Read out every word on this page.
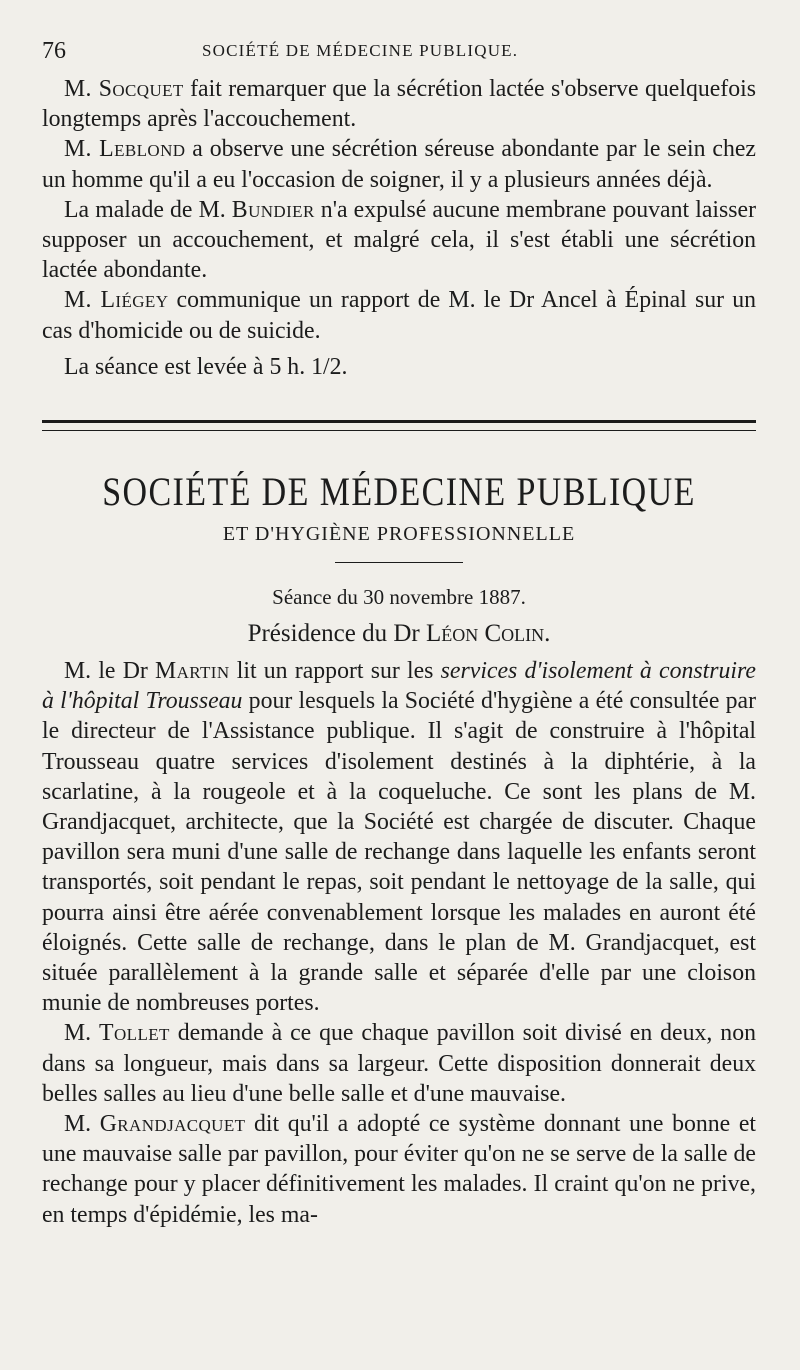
76	SOCIÉTÉ DE MÉDECINE PUBLIQUE.

M. Socquet fait remarquer que la sécrétion lactée s'observe quelquefois longtemps après l'accouchement.

M. Leblond a observe une sécrétion séreuse abondante par le sein chez un homme qu'il a eu l'occasion de soigner, il y a plusieurs années déjà.

La malade de M. Bundier n'a expulsé aucune membrane pouvant laisser supposer un accouchement, et malgré cela, il s'est établi une sécrétion lactée abondante.

M. Liégey communique un rapport de M. le Dr Ancel à Épinal sur un cas d'homicide ou de suicide.

La séance est levée à 5 h. 1/2.

SOCIÉTÉ DE MÉDECINE PUBLIQUE
ET D'HYGIÈNE PROFESSIONNELLE
Séance du 30 novembre 1887.
Présidence du Dr Léon Colin.

M. le Dr Martin lit un rapport sur les services d'isolement à construire à l'hôpital Trousseau pour lesquels la Société d'hygiène a été consultée par le directeur de l'Assistance publique. Il s'agit de construire à l'hôpital Trousseau quatre services d'isolement destinés à la diphtérie, à la scarlatine, à la rougeole et à la coqueluche. Ce sont les plans de M. Grandjacquet, architecte, que la Société est chargée de discuter. Chaque pavillon sera muni d'une salle de rechange dans laquelle les enfants seront transportés, soit pendant le repas, soit pendant le nettoyage de la salle, qui pourra ainsi être aérée convenablement lorsque les malades en auront été éloignés. Cette salle de rechange, dans le plan de M. Grandjacquet, est située parallèlement à la grande salle et séparée d'elle par une cloison munie de nombreuses portes.

M. Tollet demande à ce que chaque pavillon soit divisé en deux, non dans sa longueur, mais dans sa largeur. Cette disposition donnerait deux belles salles au lieu d'une belle salle et d'une mauvaise.

M. Grandjacquet dit qu'il a adopté ce système donnant une bonne et une mauvaise salle par pavillon, pour éviter qu'on ne se serve de la salle de rechange pour y placer définitivement les malades. Il craint qu'on ne prive, en temps d'épidémie, les ma-
